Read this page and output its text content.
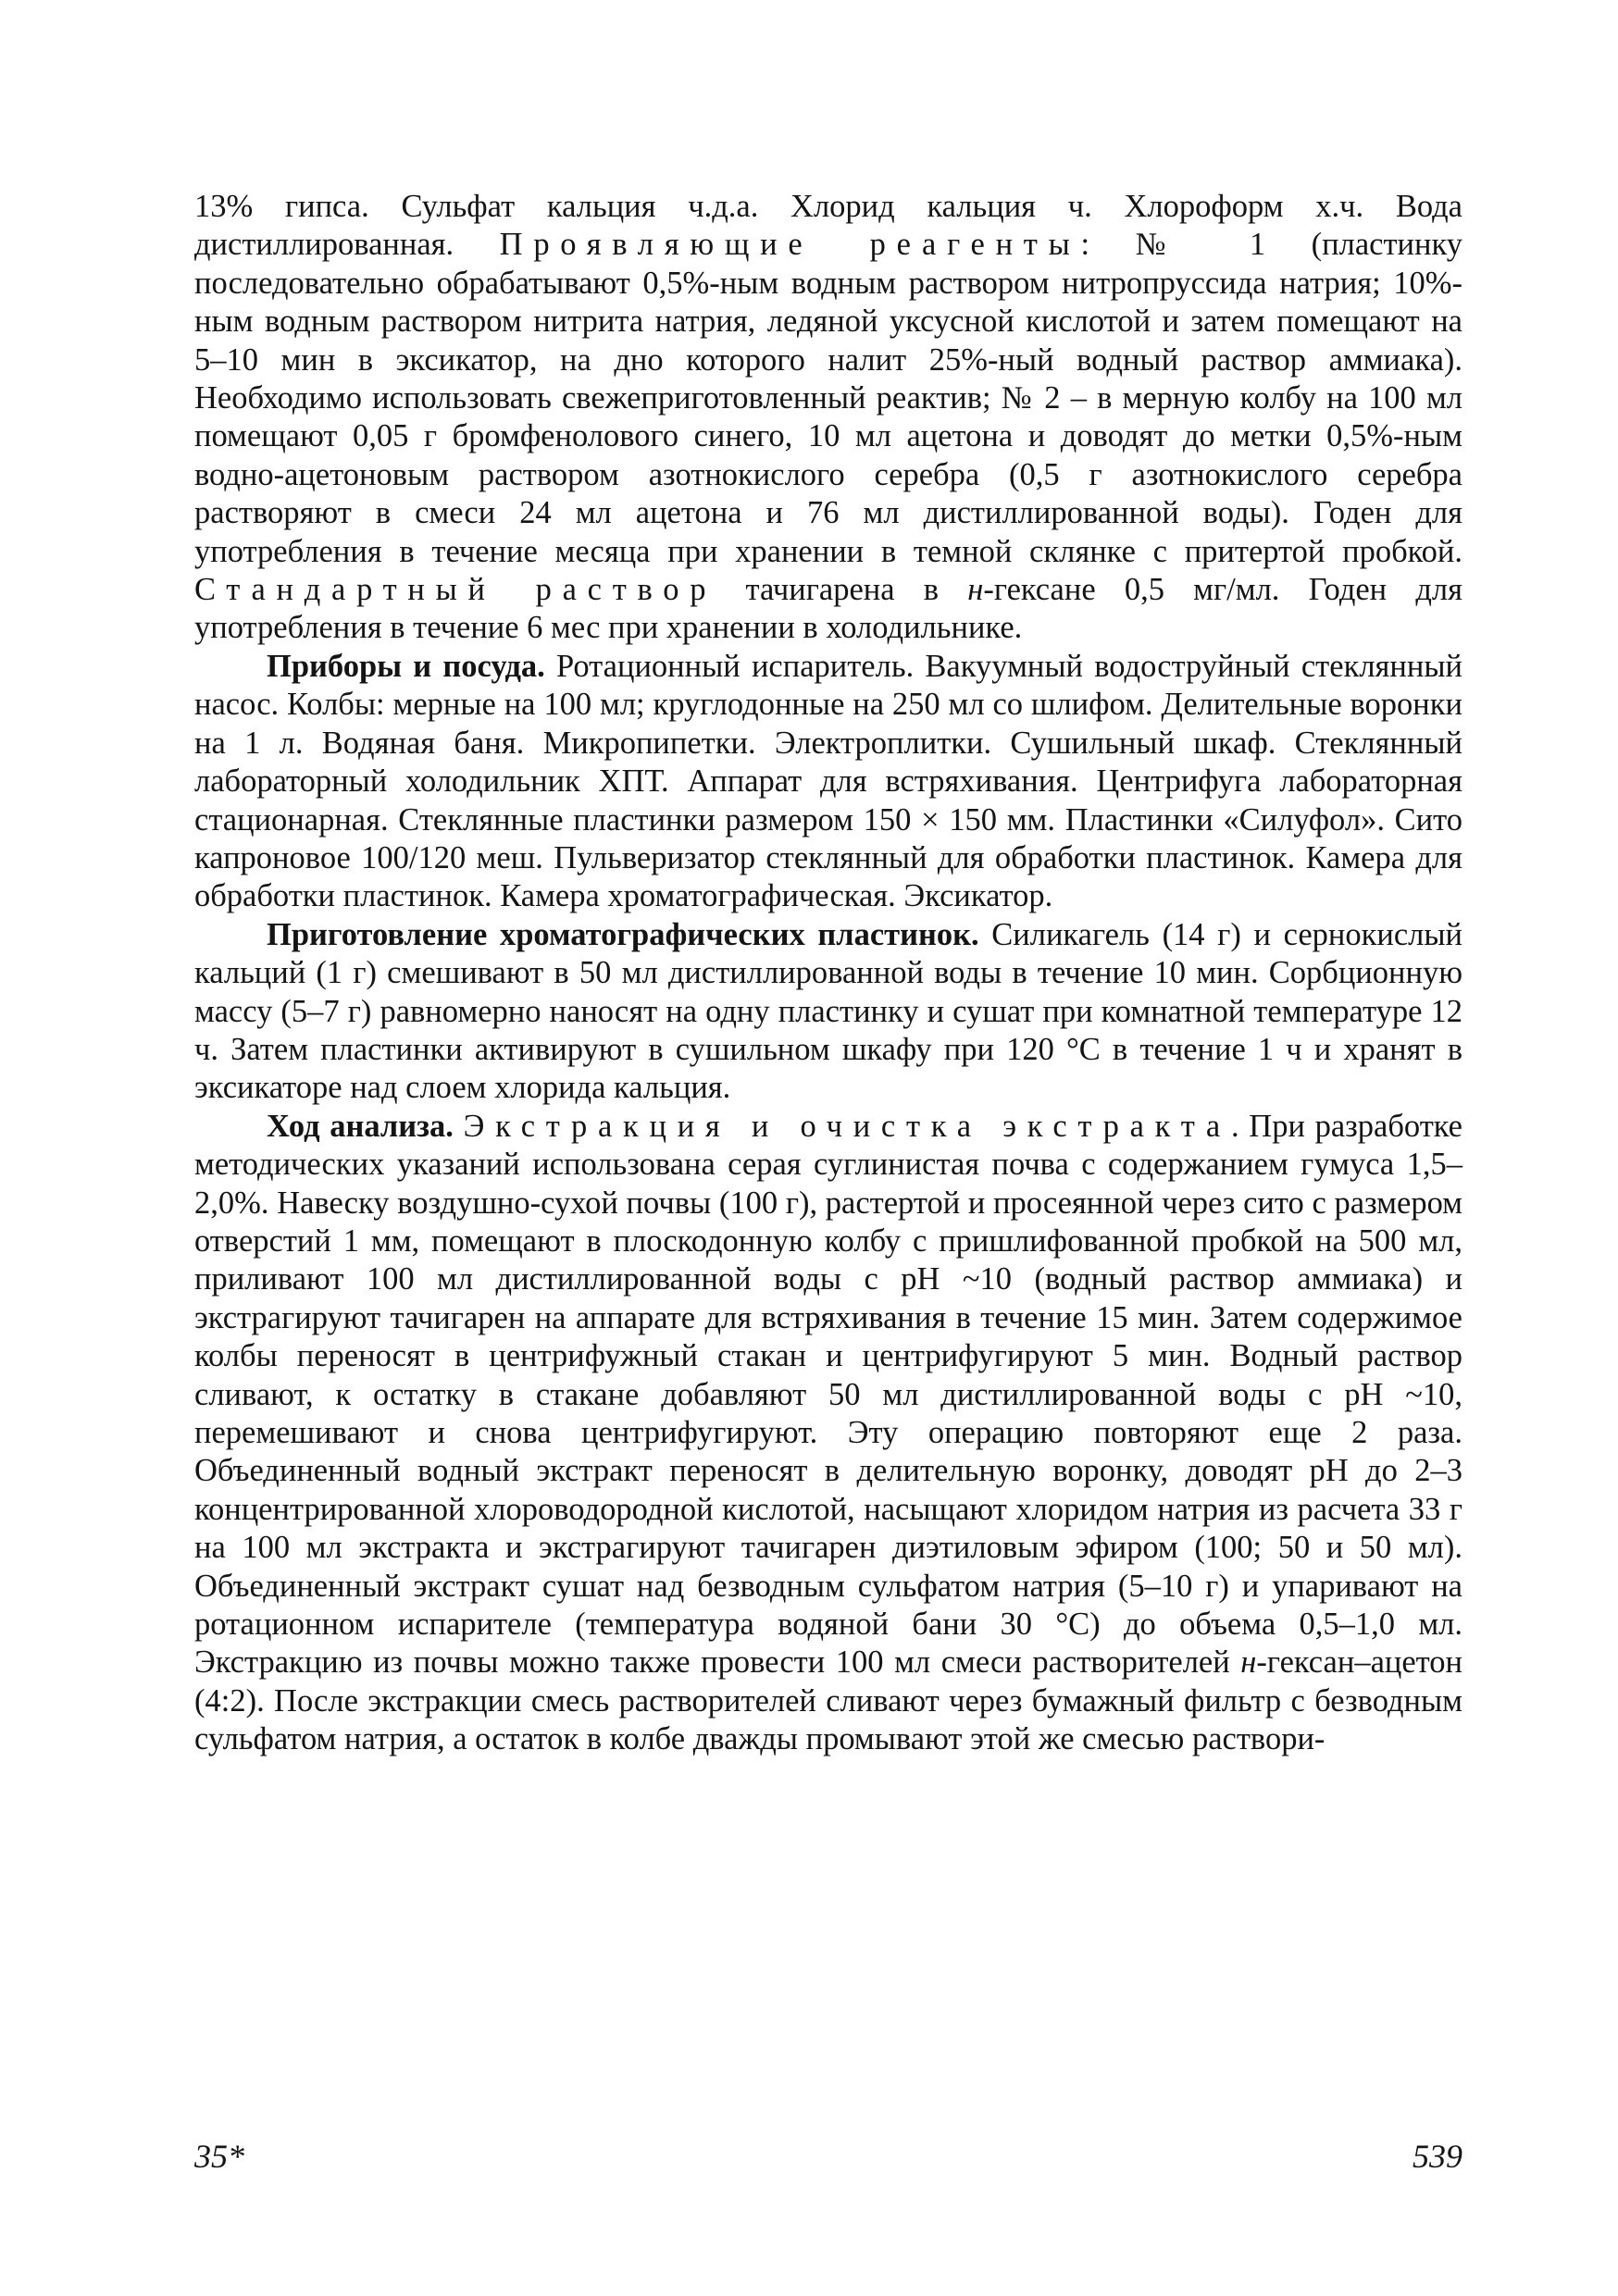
13% гипса. Сульфат кальция ч.д.а. Хлорид кальция ч. Хлороформ х.ч. Вода дистиллированная. Проявляющие реагенты: № 1 (пластинку последовательно обрабатывают 0,5%-ным водным раствором нитропруссида натрия; 10%-ным водным раствором нитрита натрия, ледяной уксусной кислотой и затем помещают на 5–10 мин в эксикатор, на дно которого налит 25%-ный водный раствор аммиака). Необходимо использовать свежеприготовленный реактив; № 2 – в мерную колбу на 100 мл помещают 0,05 г бромфенолового синего, 10 мл ацетона и доводят до метки 0,5%-ным водно-ацетоновым раствором азотнокислого серебра (0,5 г азотнокислого серебра растворяют в смеси 24 мл ацетона и 76 мл дистиллированной воды). Годен для употребления в течение месяца при хранении в темной склянке с притертой пробкой. Стандартный раствор тачигарена в н-гексане 0,5 мг/мл. Годен для употребления в течение 6 мес при хранении в холодильнике.

Приборы и посуда. Ротационный испаритель. Вакуумный водоструйный стеклянный насос. Колбы: мерные на 100 мл; круглодонные на 250 мл со шлифом. Делительные воронки на 1 л. Водяная баня. Микропипетки. Электроплитки. Сушильный шкаф. Стеклянный лабораторный холодильник ХПТ. Аппарат для встряхивания. Центрифуга лабораторная стационарная. Стеклянные пластинки размером 150 × 150 мм. Пластинки «Силуфол». Сито капроновое 100/120 меш. Пульверизатор стеклянный для обработки пластинок. Камера для обработки пластинок. Камера хроматографическая. Эксикатор.

Приготовление хроматографических пластинок. Силикагель (14 г) и сернокислый кальций (1 г) смешивают в 50 мл дистиллированной воды в течение 10 мин. Сорбционную массу (5–7 г) равномерно наносят на одну пластинку и сушат при комнатной температуре 12 ч. Затем пластинки активируют в сушильном шкафу при 120 °С в течение 1 ч и хранят в эксикаторе над слоем хлорида кальция.

Ход анализа. Экстракция и очистка экстракта. При разработке методических указаний использована серая суглинистая почва с содержанием гумуса 1,5–2,0%. Навеску воздушно-сухой почвы (100 г), растертой и просеянной через сито с размером отверстий 1 мм, помещают в плоскодонную колбу с пришлифованной пробкой на 500 мл, приливают 100 мл дистиллированной воды с рН ~10 (водный раствор аммиака) и экстрагируют тачигарен на аппарате для встряхивания в течение 15 мин. Затем содержимое колбы переносят в центрифужный стакан и центрифугируют 5 мин. Водный раствор сливают, к остатку в стакане добавляют 50 мл дистиллированной воды с рН ~10, перемешивают и снова центрифугируют. Эту операцию повторяют еще 2 раза. Объединенный водный экстракт переносят в делительную воронку, доводят рН до 2–3 концентрированной хлороводородной кислотой, насыщают хлоридом натрия из расчета 33 г на 100 мл экстракта и экстрагируют тачигарен диэтиловым эфиром (100; 50 и 50 мл). Объединенный экстракт сушат над безводным сульфатом натрия (5–10 г) и упаривают на ротационном испарителе (температура водяной бани 30 °С) до объема 0,5–1,0 мл. Экстракцию из почвы можно также провести 100 мл смеси растворителей н-гексан–ацетон (4:2). После экстракции смесь растворителей сливают через бумажный фильтр с безводным сульфатом натрия, а остаток в колбе дважды промывают этой же смесью раствори-

35*	539
